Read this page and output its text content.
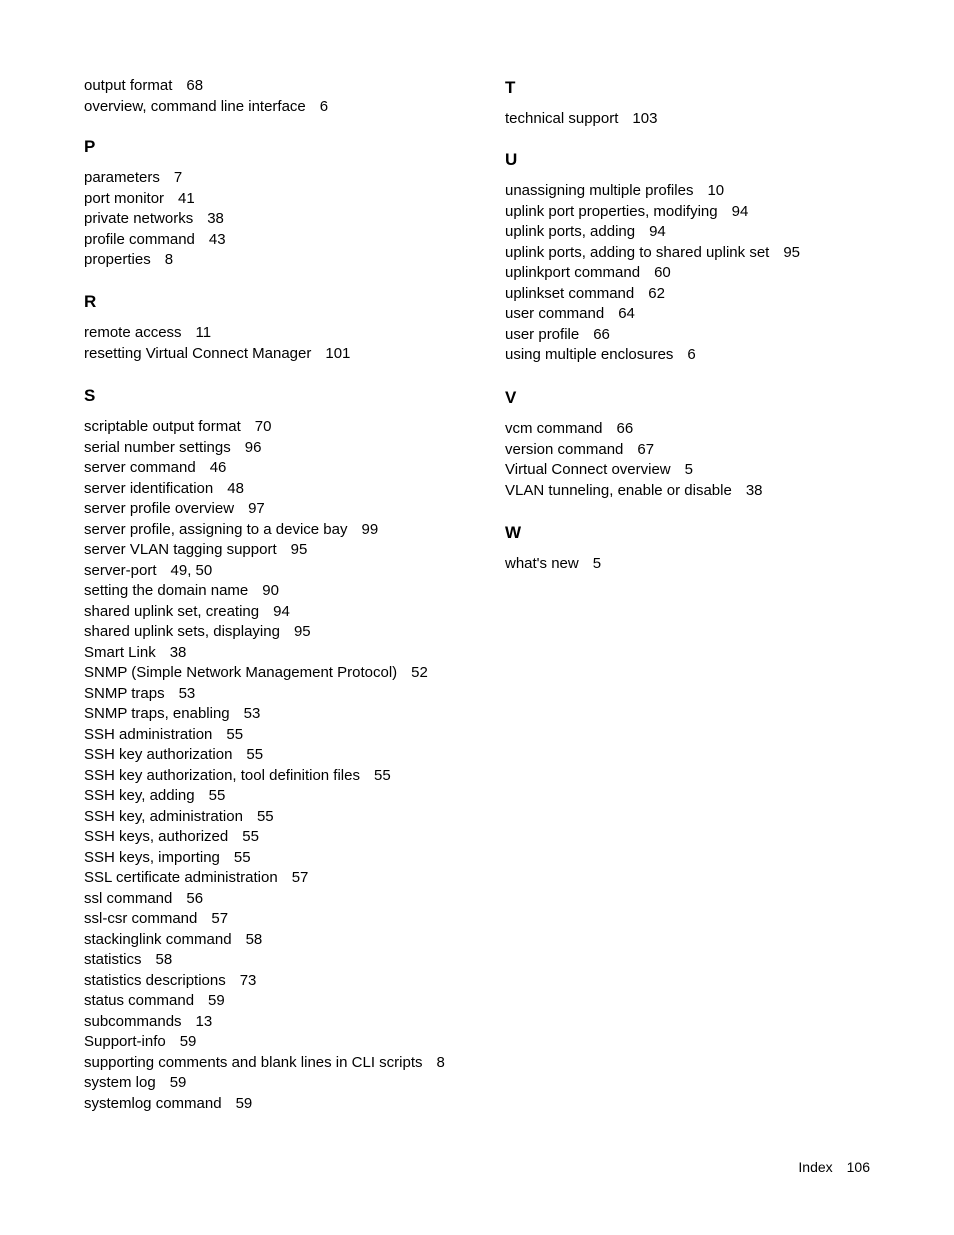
output format 68
overview, command line interface 6
P
parameters 7
port monitor 41
private networks 38
profile command 43
properties 8
R
remote access 11
resetting Virtual Connect Manager 101
S
scriptable output format 70
serial number settings 96
server command 46
server identification 48
server profile overview 97
server profile, assigning to a device bay 99
server VLAN tagging support 95
server-port 49, 50
setting the domain name 90
shared uplink set, creating 94
shared uplink sets, displaying 95
Smart Link 38
SNMP (Simple Network Management Protocol) 52
SNMP traps 53
SNMP traps, enabling 53
SSH administration 55
SSH key authorization 55
SSH key authorization, tool definition files 55
SSH key, adding 55
SSH key, administration 55
SSH keys, authorized 55
SSH keys, importing 55
SSL certificate administration 57
ssl command 56
ssl-csr command 57
stackinglink command 58
statistics 58
statistics descriptions 73
status command 59
subcommands 13
Support-info 59
supporting comments and blank lines in CLI scripts 8
system log 59
systemlog command 59
T
technical support 103
U
unassigning multiple profiles 10
uplink port properties, modifying 94
uplink ports, adding 94
uplink ports, adding to shared uplink set 95
uplinkport command 60
uplinkset command 62
user command 64
user profile 66
using multiple enclosures 6
V
vcm command 66
version command 67
Virtual Connect overview 5
VLAN tunneling, enable or disable 38
W
what's new 5
Index 106
